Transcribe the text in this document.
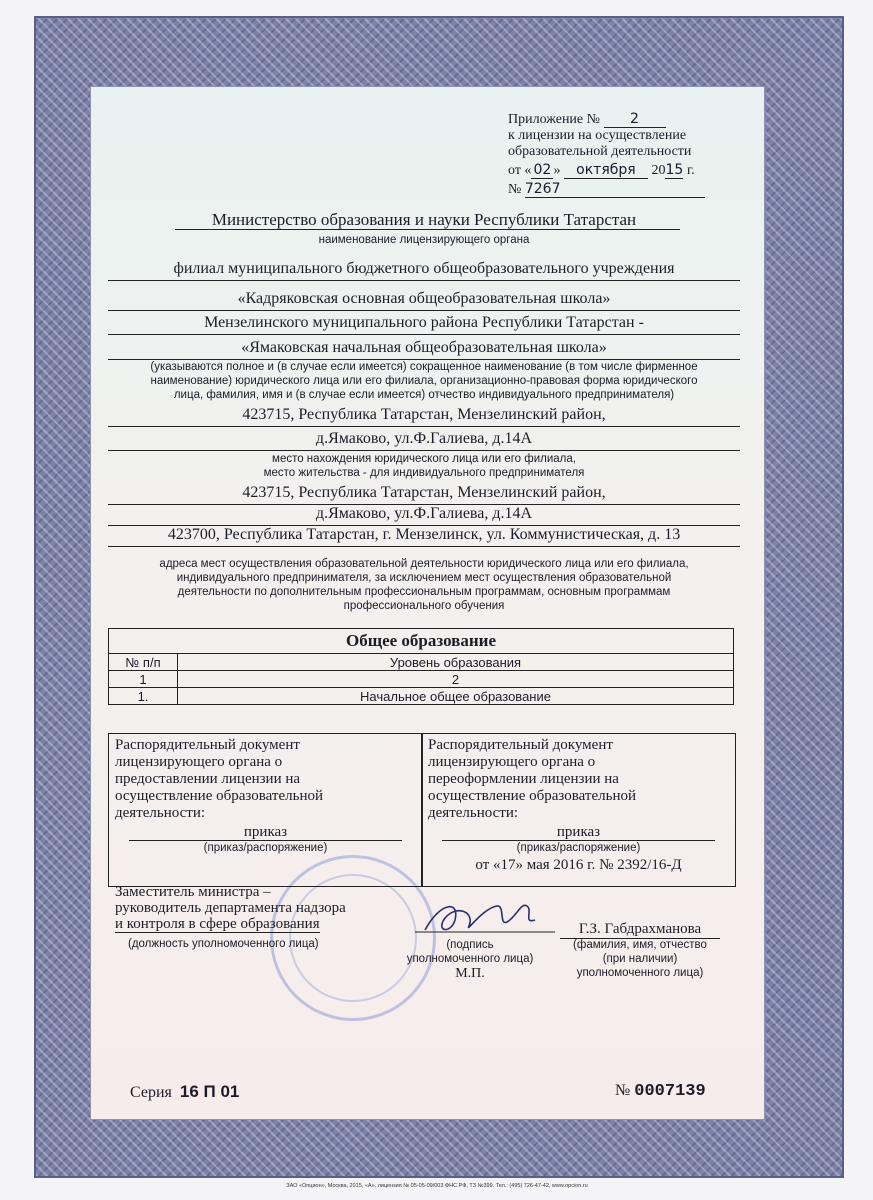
Приложение № 2
к лицензии на осуществление
образовательной деятельности
от « 02 » октября 2015 г.
№ 7267
Министерство образования и науки Республики Татарстан
наименование лицензирующего органа
филиал муниципального бюджетного общеобразовательного учреждения
«Кадряковская основная общеобразовательная школа»
Мензелинского муниципального района Республики Татарстан -
«Ямаковская начальная общеобразовательная школа»
(указываются полное и (в случае если имеется) сокращенное наименование (в том числе фирменное
наименование) юридического лица или его филиала, организационно-правовая форма юридического
лица, фамилия, имя и (в случае если имеется) отчество индивидуального предпринимателя)
423715, Республика Татарстан, Мензелинский район,
д.Ямаково, ул.Ф.Галиева, д.14А
место нахождения юридического лица или его филиала,
место жительства - для индивидуального предпринимателя
423715, Республика Татарстан, Мензелинский район,
д.Ямаково, ул.Ф.Галиева, д.14А
423700, Республика Татарстан, г. Мензелинск, ул. Коммунистическая, д. 13
адреса мест осуществления образовательной деятельности юридического лица или его филиала,
индивидуального предпринимателя, за исключением мест осуществления образовательной
деятельности по дополнительным профессиональным программам, основным программам
профессионального обучения
Общее образование	
№ п/п	Уровень образования
1	2
1.	Начальное общее образование

Распорядительный документ

лицензирующего органа о

предоставлении лицензии на

осуществление образовательной

деятельности:

приказ
(приказ/распоряжение)

Распорядительный документ

лицензирующего органа о

переоформлении лицензии на

осуществление образовательной

деятельности:

приказ
(приказ/распоряжение)
от «17» мая 2016 г. № 2392/16-Д
Заместитель министра –
руководитель департамента надзора
и контроля в сфере образования
(должность уполномоченного лица)	(подпись
уполномоченного лица)
М.П.
Г.З. Габдрахманова
(фамилия, имя, отчество
(при наличии)
уполномоченного лица)
Серия 16 П 01	№ 0007139
ЗАО «Опцион», Москва, 2015, «А», лицензия № 05-05-09/003 ФНС РФ, ТЗ №399. Тел.: (495) 726-47-42, www.opcion.ru
